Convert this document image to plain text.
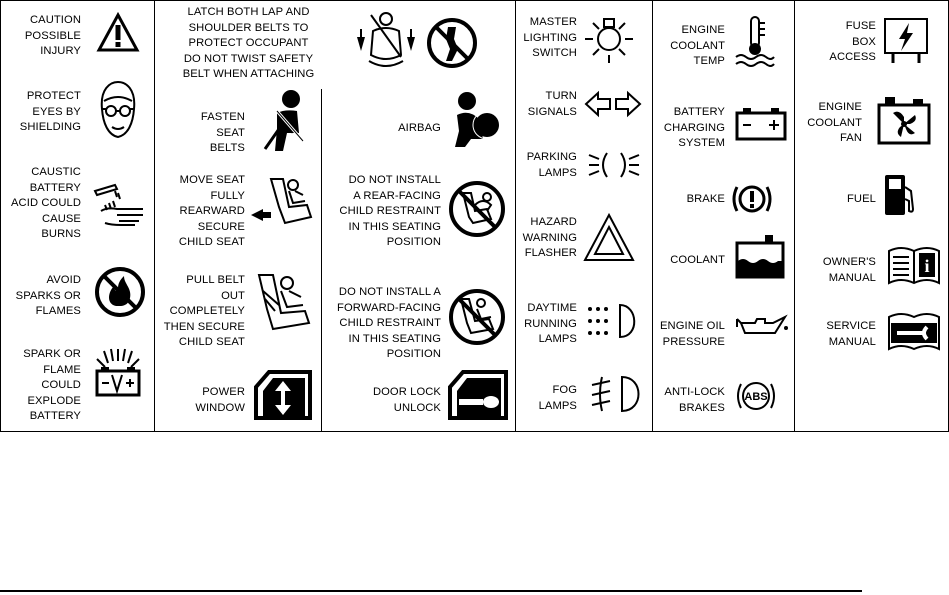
CAUTION
POSSIBLE
INJURY
PROTECT
EYES BY
SHIELDING
CAUSTIC
BATTERY
ACID COULD
CAUSE
BURNS
AVOID
SPARKS OR
FLAMES
SPARK OR
FLAME
COULD
EXPLODE
BATTERY
LATCH BOTH LAP AND
SHOULDER BELTS TO
PROTECT OCCUPANT
DO NOT TWIST SAFETY
BELT WHEN ATTACHING
FASTEN
SEAT
BELTS
MOVE SEAT
FULLY
REARWARD
SECURE
CHILD SEAT
PULL BELT
OUT
COMPLETELY
THEN SECURE
CHILD SEAT
POWER
WINDOW
AIRBAG
DO NOT INSTALL
A REAR-FACING
CHILD RESTRAINT
IN THIS SEATING
POSITION
DO NOT INSTALL A
FORWARD-FACING
CHILD RESTRAINT
IN THIS SEATING
POSITION
DOOR LOCK
UNLOCK
MASTER
LIGHTING
SWITCH
TURN
SIGNALS
PARKING
LAMPS
HAZARD
WARNING
FLASHER
DAYTIME
RUNNING
LAMPS
FOG
LAMPS
ENGINE
COOLANT
TEMP
BATTERY
CHARGING
SYSTEM
BRAKE
COOLANT
ENGINE OIL
PRESSURE
ANTI-LOCK
BRAKES
ABS
FUSE
BOX
ACCESS
ENGINE
COOLANT
FAN
FUEL
OWNER'S
MANUAL
i
SERVICE
MANUAL
